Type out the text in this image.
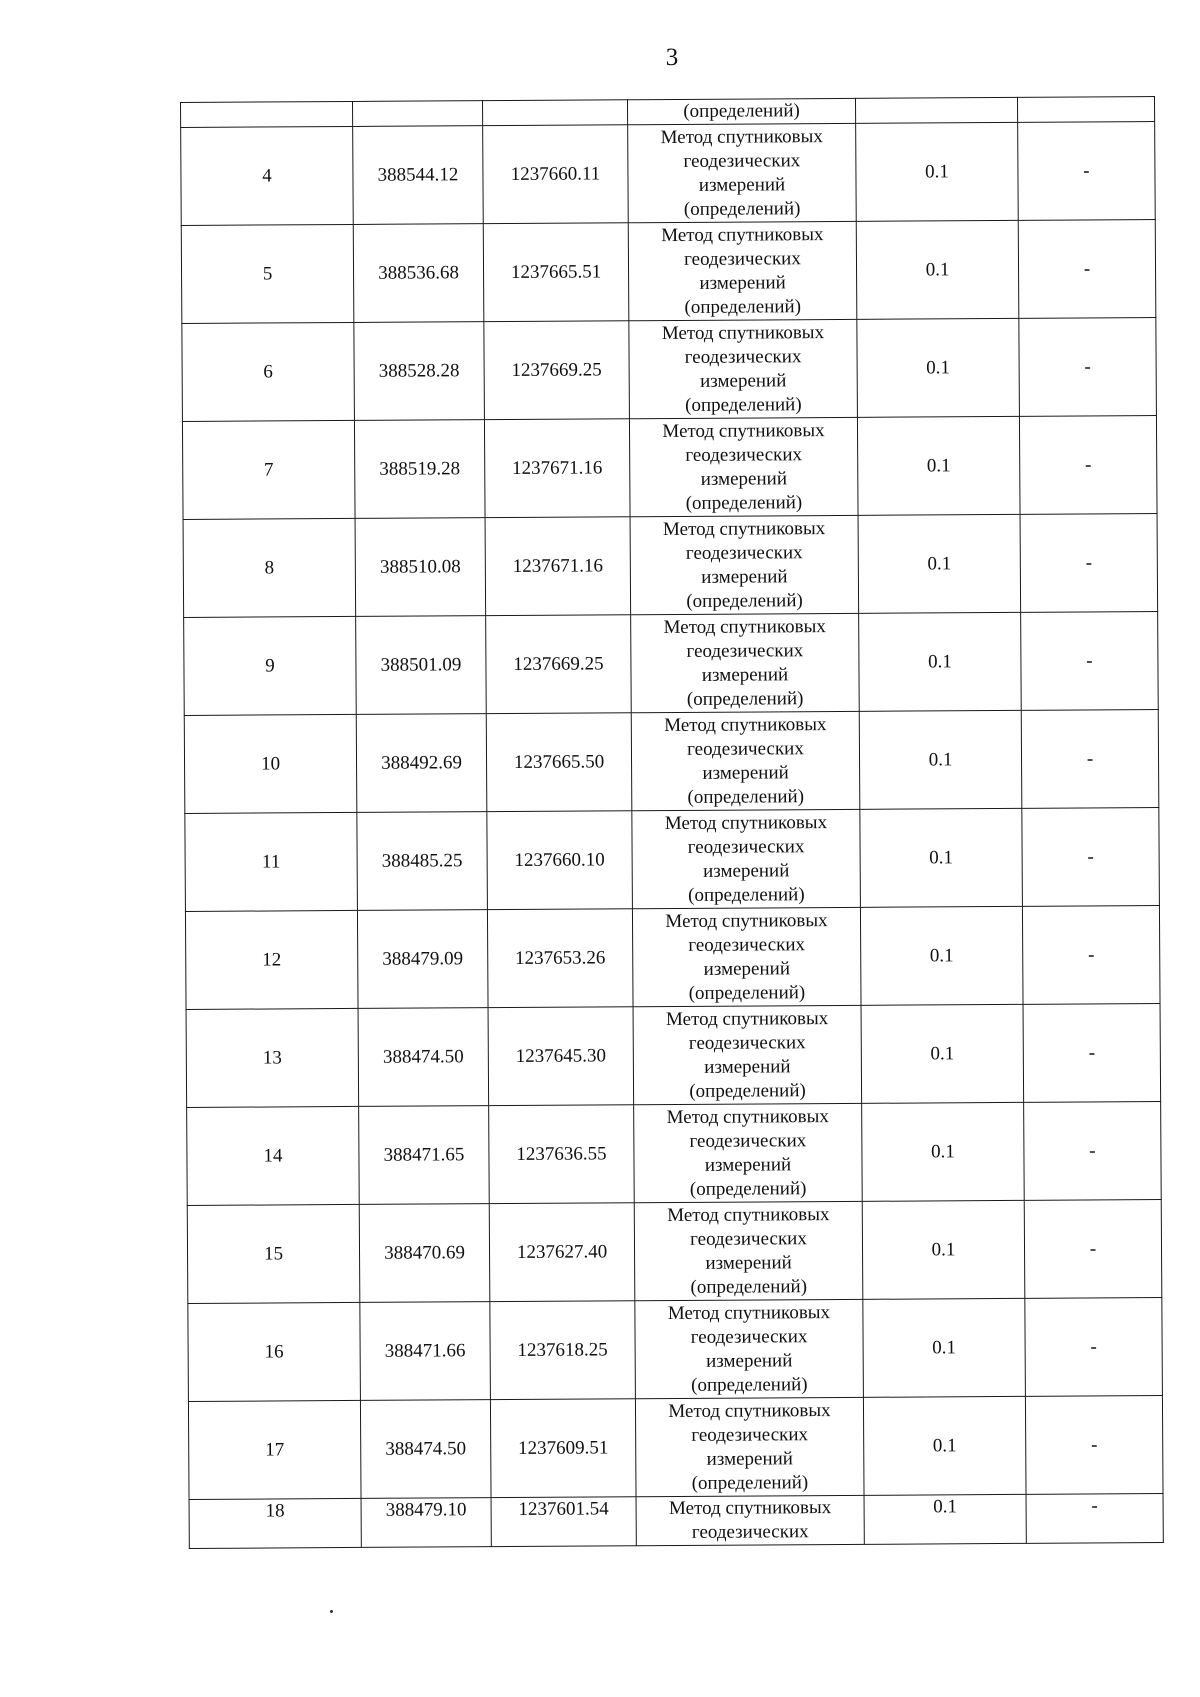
3
			(определений)		
4	388544.12	1237660.11	Метод спутниковых
геодезических
измерений
(определений)	0.1	-
5	388536.68	1237665.51	Метод спутниковых
геодезических
измерений
(определений)	0.1	-
6	388528.28	1237669.25	Метод спутниковых
геодезических
измерений
(определений)	0.1	-
7	388519.28	1237671.16	Метод спутниковых
геодезических
измерений
(определений)	0.1	-
8	388510.08	1237671.16	Метод спутниковых
геодезических
измерений
(определений)	0.1	-
9	388501.09	1237669.25	Метод спутниковых
геодезических
измерений
(определений)	0.1	-
10	388492.69	1237665.50	Метод спутниковых
геодезических
измерений
(определений)	0.1	-
11	388485.25	1237660.10	Метод спутниковых
геодезических
измерений
(определений)	0.1	-
12	388479.09	1237653.26	Метод спутниковых
геодезических
измерений
(определений)	0.1	-
13	388474.50	1237645.30	Метод спутниковых
геодезических
измерений
(определений)	0.1	-
14	388471.65	1237636.55	Метод спутниковых
геодезических
измерений
(определений)	0.1	-
15	388470.69	1237627.40	Метод спутниковых
геодезических
измерений
(определений)	0.1	-
16	388471.66	1237618.25	Метод спутниковых
геодезических
измерений
(определений)	0.1	-
17	388474.50	1237609.51	Метод спутниковых
геодезических
измерений
(определений)	0.1	-
18	388479.10	1237601.54	Метод спутниковых
геодезических	0.1	-
